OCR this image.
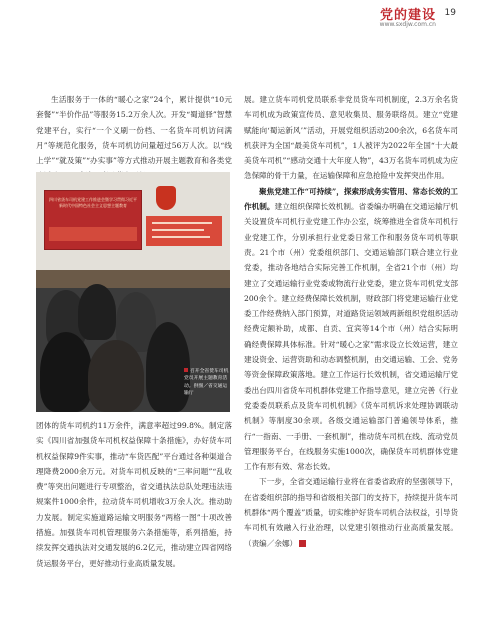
党的建设
www.sxdjw.com.cn
19

生活服务于一体的“暖心之家”24个，累计提供“10元套餐”“半价作品”等服务15.2万余人次。开发“蜀道驿”智慧党建平台，实行“一个义刷一份档、一名货车司机访问满月”等规范化服务，货车司机访问量超过56万人次。以“线上学”“就及策”“办实事”等方式推动开展主题教育和各类党

四川省货车司机党建工作推进会暨学习贯彻习近平新时代中国特色社会主义思想主题教育
召开全省货车司机党员开展主题教育活动。供图／省交通运输厅

团体的货车司机约11万余件，满意率超过99.8%。制定落实《四川省加强货车司机权益保障十条措施》，办好货车司机权益保障9件实事，推动“车货匹配”平台通过各种渠道合理降费2000余万元。对货车司机反映的“三率问题”“乱收费”等突出问题进行专项整治，省交通执法总队处理违法违规案件1000余件，拉动货车司机增收3万余人次。推动助力发展。制定实施道路运输文明服务“两格一图”十项改善措施。加强货车司机管理服务六条措施等，系列措施，持续发挥交通执法对交通发展的6.2亿元，推动建立四省网络货运服务平台，更好推动行业高质量发展。

展。建立货车司机党员联系非党员货车司机制度，2.3万余名货车司机成为政策宣传员、意见收集员、服务联络员。建立“党建赋能向‘蜀运新风’”活动，开展党组织活动200余次，6名货车司机获评为全国“最美货车司机”，1人被评为2022年全国“十大最美货车司机”“感动交通十大年度人物”，43万名货车司机成为应急保障的骨干力量，在运输保障和应急抢险中发挥突出作用。

聚焦党建工作“可持续”，探索形成务实管用、常态长效的工作机制。建立组织保障长效机制。省委编办明确在交通运输厅机关设置货车司机行业党建工作办公室，统筹推进全省货车司机行业党建工作，分别承担行业党委日常工作和服务货车司机等职责。21个市（州）党委组织部门、交通运输部门联合建立行业党委，推动各地结合实际完善工作机制，全省21个市（州）均建立了交通运输行业党委或物流行业党委，建立货车司机党支部200余个。建立经费保障长效机制，财政部门将党建运输行业党委工作经费纳入部门预算，对道路货运领域两新组织党组织活动经费定额补助，成都、自贡、宜宾等14个市（州）结合实际明确经费保障具体标准。针对“暖心之家”需求设立长效运营，建立建设资金、运营资助和动态调整机制，由交通运输、工会、党务等资金保障政策落地。建立工作运行长效机制，省交通运输厅党委出台四川省货车司机群体党建工作指导意见，建立完善《行业党委委员联系点及货车司机机制》《货车司机诉求处理协调联动机制》等制度30余项。各级交通运输部门普遍领导体系，推行“一指南、一手册、一套机制”，推动货车司机在线、流动党员管理服务平台，在线服务实施1000次，确保货车司机群体党建工作有形有效、常态长效。

下一步，全省交通运输行业将在省委省政府的坚强领导下，在省委组织部的指导和省级相关部门的支持下，持续提升货车司机群体“两个覆盖”质量，切实维护好货车司机合法权益，引导货车司机有效融入行业治理，以党建引领推动行业高质量发展。（责编／余娜）
